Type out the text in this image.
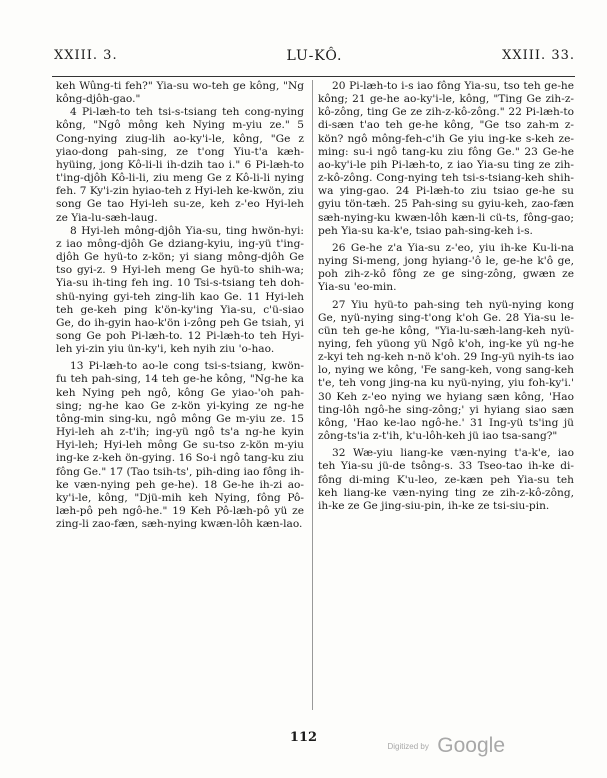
XXIII. 3.	LU-KÔ.	XXIII. 33.

keh Wûng-ti feh?" Yia-su wo-teh ge kông, "Ng kông-djôh-gao."

4 Pi-læh-to teh tsi-s-tsiang teh cong-nying kông, "Ngô mông keh Nying m-yiu ze." 5 Cong-nying ziug-lih ao-ky'i-le, kông, "Ge z yiao-dong pah-sing, ze t'ong Yiu-t'a kæh-hyüing, jong Kô-li-li ih-dzih tao i." 6 Pi-læh-to t'ing-djôh Kô-li-li, ziu meng Ge z Kô-li-li nying feh. 7 Ky'i-zin hyiao-teh z Hyi-leh ke-kwön, ziu song Ge tao Hyi-leh su-ze, keh z-'eo Hyi-leh ze Yia-lu-sæh-laug.

8 Hyi-leh mông-djôh Yia-su, ting hwön-hyi: z iao mông-djôh Ge dziang-kyiu, ing-yü t'ing-djôh Ge hyü-to z-kön; yi siang mông-djôh Ge tso gyi-z. 9 Hyi-leh meng Ge hyü-to shih-wa; Yia-su ih-ting feh ing. 10 Tsi-s-tsiang teh doh-shü-nying gyi-teh zing-lih kao Ge. 11 Hyi-leh teh ge-keh ping k'ön-ky'ing Yia-su, c'ü-siao Ge, do ih-gyin hao-k'ön i-zông peh Ge tsiah, yi song Ge poh Pi-læh-to. 12 Pi-læh-to teh Hyi-leh yi-zin yiu ün-ky'i, keh nyih ziu 'o-hao.

13 Pi-læh-to ao-le cong tsi-s-tsiang, kwön-fu teh pah-sing, 14 teh ge-he kông, "Ng-he ka keh Nying peh ngô, kông Ge yiao-'oh pah-sing; ng-he kao Ge z-kön yi-kying ze ng-he tông-min sing-ku, ngô mông Ge m-yiu ze. 15 Hyi-leh ah z-t'ih; ing-yü ngô ts'a ng-he kyin Hyi-leh; Hyi-leh mông Ge su-tso z-kön m-yiu ing-ke z-keh ön-gying. 16 So-i ngô tang-ku ziu fông Ge." 17 (Tao tsih-ts', pih-ding iao fông ih-ke væn-nying peh ge-he). 18 Ge-he ih-zi ao-ky'i-le, kông, "Djü-mih keh Nying, fông Pô-læh-pô peh ngô-he." 19 Keh Pô-læh-pô yü ze zing-li zao-fæn, sæh-nying kwæn-lôh kæn-lao.

20 Pi-læh-to i-s iao fông Yia-su, tso teh ge-he kông; 21 ge-he ao-ky'i-le, kông, "Ting Ge zih-z-kô-zông, ting Ge ze zih-z-kô-zông." 22 Pi-læh-to di-sæn t'ao teh ge-he kông, "Ge tso zah-m z-kön? ngô mông-feh-c'ih Ge yiu ing-ke s-keh ze-ming: su-i ngô tang-ku ziu fông Ge." 23 Ge-he ao-ky'i-le pih Pi-læh-to, z iao Yia-su ting ze zih-z-kô-zông. Cong-nying teh tsi-s-tsiang-keh shih-wa ying-gao. 24 Pi-læh-to ziu tsiao ge-he su gyiu tön-tæh. 25 Pah-sing su gyiu-keh, zao-fæn sæh-nying-ku kwæn-lôh kæn-li cü-ts, fông-gao; peh Yia-su ka-k'e, tsiao pah-sing-keh i-s.

26 Ge-he z'a Yia-su z-'eo, yiu ih-ke Ku-li-na nying Si-meng, jong hyiang-'ô le, ge-he k'ô ge, poh zih-z-kô fông ze ge sing-zông, gwæn ze Yia-su 'eo-min.

27 Yiu hyü-to pah-sing teh nyü-nying kong Ge, nyü-nying sing-t'ong k'oh Ge. 28 Yia-su le-cün teh ge-he kông, "Yia-lu-sæh-lang-keh nyü-nying, feh yüong yü Ngô k'oh, ing-ke yü ng-he z-kyi teh ng-keh n-nö k'oh. 29 Ing-yü nyih-ts iao lo, nying we kông, 'Fe sang-keh, vong sang-keh t'e, teh vong jing-na ku nyü-nying, yiu foh-ky'i.' 30 Keh z-'eo nying we hyiang sæn kông, 'Hao ting-lôh ngô-he sing-zông;' yi hyiang siao sæn kông, 'Hao ke-lao ngô-he.' 31 Ing-yü ts'ing jü zông-ts'ia z-t'ih, k'u-lôh-keh jü iao tsa-sang?"

32 Wæ-yiu liang-ke væn-nying t'a-k'e, iao teh Yia-su jü-de tsông-s. 33 Tseo-tao ih-ke di-fông di-ming K'u-leo, ze-kæn peh Yia-su teh keh liang-ke væn-nying ting ze zih-z-kô-zông, ih-ke ze Ge jing-siu-pin, ih-ke ze tsi-siu-pin.

112
Digitized by Google
